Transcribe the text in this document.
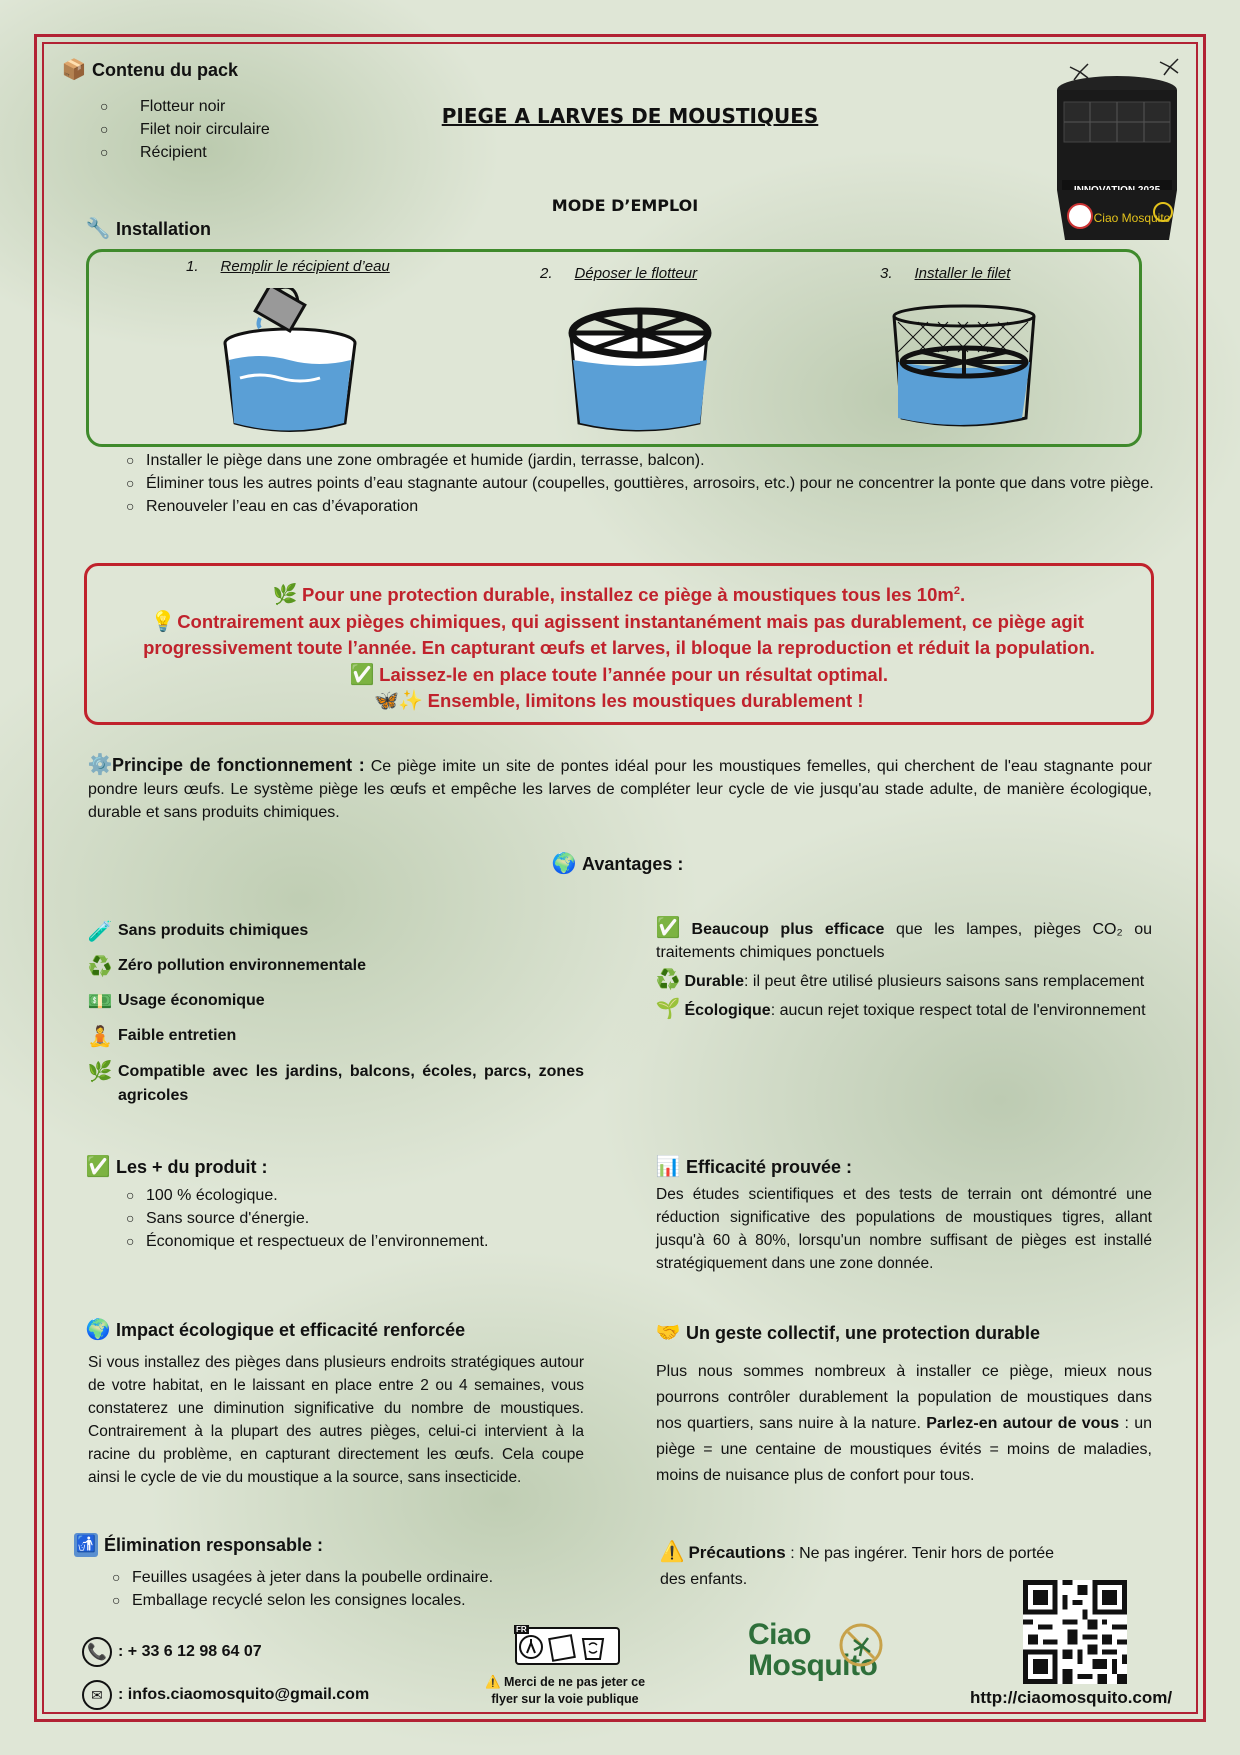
📦 Contenu du pack
○ Flotteur noir
○ Filet noir circulaire
○ Récipient
PIEGE A LARVES DE MOUSTIQUES
MODE D’EMPLOI
Ciao Mosquito
🔧 Installation
1. Remplir le récipient d’eau	2. Déposer le flotteur	3. Installer le filet
○ Installer le piège dans une zone ombragée et humide (jardin, terrasse, balcon).
○ Éliminer tous les autres points d’eau stagnante autour (coupelles, gouttières, arrosoirs, etc.) pour ne concentrer la ponte que dans votre piège.
○ Renouveler l’eau en cas d’évaporation
🌿 Pour une protection durable, installez ce piège à moustiques tous les $10m^2$.
💡 Contrairement aux pièges chimiques, qui agissent instantanément mais pas durablement, ce piège agit progressivement toute l’année. En capturant œufs et larves, il bloque la reproduction et réduit la population.
✅ Laissez-le en place toute l’année pour un résultat optimal.
🦋✨ Ensemble, limitons les moustiques durablement !
⚙️Principe de fonctionnement : Ce piège imite un site de pontes idéal pour les moustiques femelles, qui cherchent de l'eau stagnante pour pondre leurs œufs. Le système piège les œufs et empêche les larves de compléter leur cycle de vie jusqu'au stade adulte, de manière écologique, durable et sans produits chimiques.
🌍 Avantages :
🧪 Sans produits chimiques
♻️ Zéro pollution environnementale
💵 Usage économique
🧘 Faible entretien
🌿 Compatible avec les jardins, balcons, écoles, parcs, zones agricoles
✅ Beaucoup plus efficace que les lampes, pièges CO₂ ou traitements chimiques ponctuels
♻️ Durable: il peut être utilisé plusieurs saisons sans remplacement
🌱 Écologique: aucun rejet toxique respect total de l'environnement
✅ Les + du produit :
○ 100 % écologique.
○ Sans source d'énergie.
○ Économique et respectueux de l’environnement.
📊 Efficacité prouvée :
Des études scientifiques et des tests de terrain ont démontré une réduction significative des populations de moustiques tigres, allant jusqu'à 60 à 80%, lorsqu'un nombre suffisant de pièges est installé stratégiquement dans une zone donnée.
🌍 Impact écologique et efficacité renforcée
Si vous installez des pièges dans plusieurs endroits stratégiques autour de votre habitat, en le laissant en place entre 2 ou 4 semaines, vous constaterez une diminution significative du nombre de moustiques. Contrairement à la plupart des autres pièges, celui-ci intervient à la racine du problème, en capturant directement les œufs. Cela coupe ainsi le cycle de vie du moustique a la source, sans insecticide.
🤝 Un geste collectif, une protection durable
Plus nous sommes nombreux à installer ce piège, mieux nous pourrons contrôler durablement la population de moustiques dans nos quartiers, sans nuire à la nature. Parlez-en autour de vous : un piège = une centaine de moustiques évités = moins de maladies, moins de nuisance plus de confort pour tous.
🚮 Élimination responsable :
○ Feuilles usagées à jeter dans la poubelle ordinaire.
○ Emballage recyclé selon les consignes locales.
⚠️ Précautions : Ne pas ingérer. Tenir hors de portée des enfants.
📞 : + 33 6 12 98 64 07
✉ : infos.ciaomosquito@gmail.com
FR
⚠️ Merci de ne pas jeter ce flyer sur la voie publique
Ciao
Mosquito
http://ciaomosquito.com/
